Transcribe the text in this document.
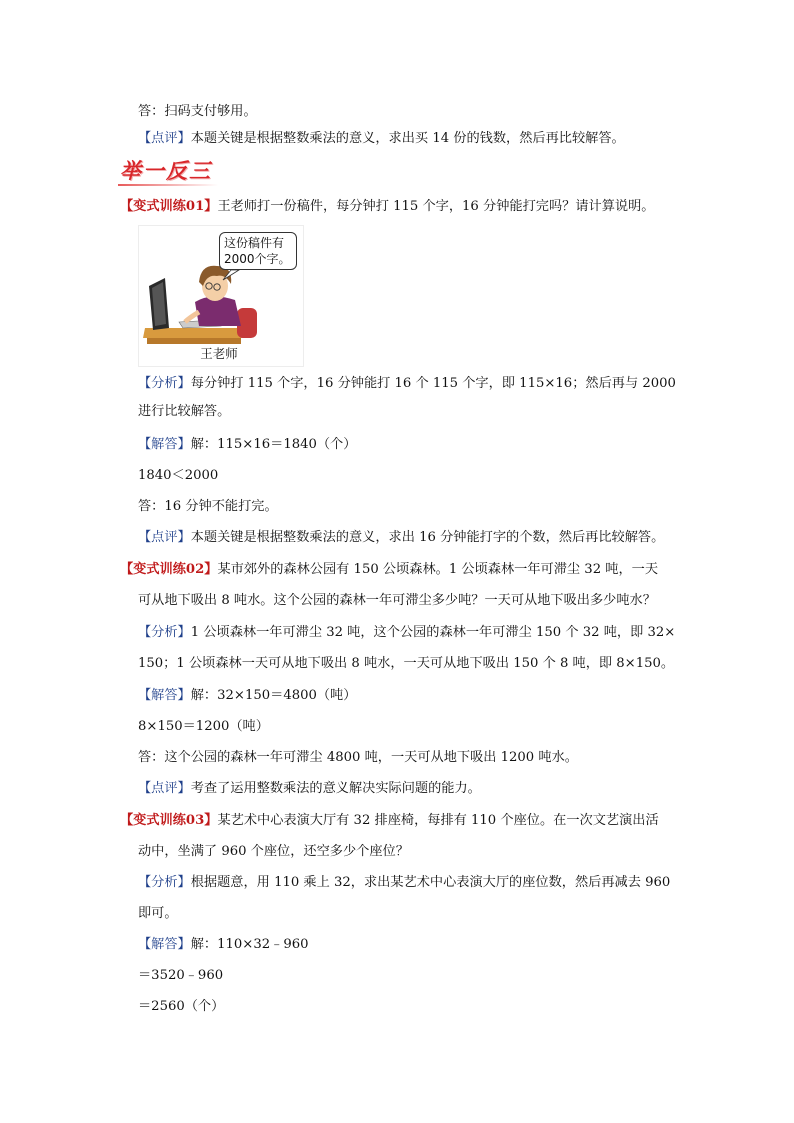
答：扫码支付够用。
【点评】本题关键是根据整数乘法的意义，求出买 14 份的钱数，然后再比较解答。
举一反三
【变式训练01】王老师打一份稿件，每分钟打 115 个字，16 分钟能打完吗？请计算说明。
这份稿件有
2000个字。
王老师
【分析】每分钟打 115 个字，16 分钟能打 16 个 115 个字，即 115×16；然后再与 2000
进行比较解答。
【解答】解：115×16＝1840（个）
1840＜2000
答：16 分钟不能打完。
【点评】本题关键是根据整数乘法的意义，求出 16 分钟能打字的个数，然后再比较解答。
【变式训练02】某市郊外的森林公园有 150 公顷森林。1 公顷森林一年可滞尘 32 吨，一天
可从地下吸出 8 吨水。这个公园的森林一年可滞尘多少吨？一天可从地下吸出多少吨水？
【分析】1 公顷森林一年可滞尘 32 吨，这个公园的森林一年可滞尘 150 个 32 吨，即 32×
150；1 公顷森林一天可从地下吸出 8 吨水，一天可从地下吸出 150 个 8 吨，即 8×150。
【解答】解：32×150＝4800（吨）
8×150＝1200（吨）
答：这个公园的森林一年可滞尘 4800 吨，一天可从地下吸出 1200 吨水。
【点评】考查了运用整数乘法的意义解决实际问题的能力。
【变式训练03】某艺术中心表演大厅有 32 排座椅，每排有 110 个座位。在一次文艺演出活
动中，坐满了 960 个座位，还空多少个座位？
【分析】根据题意，用 110 乘上 32，求出某艺术中心表演大厅的座位数，然后再减去 960
即可。
【解答】解：110×32﹣960
＝3520﹣960
＝2560（个）
